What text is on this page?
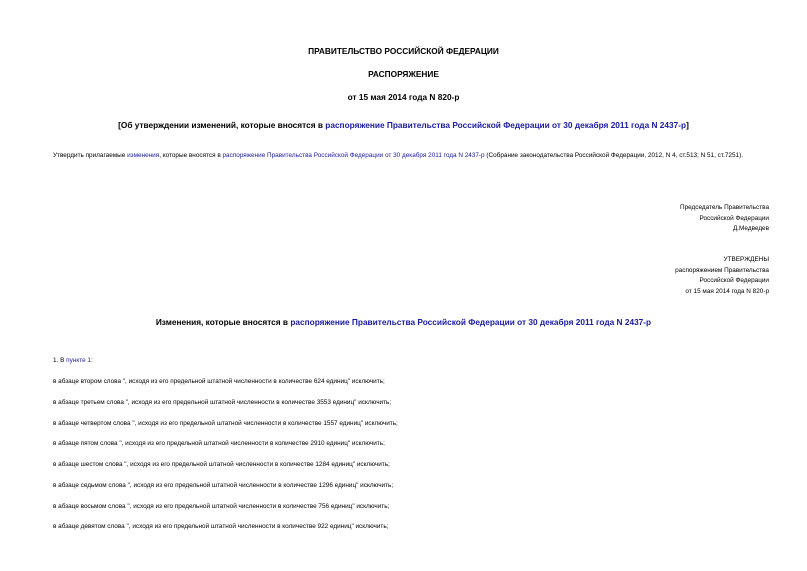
ПРАВИТЕЛЬСТВО РОССИЙСКОЙ ФЕДЕРАЦИИ
РАСПОРЯЖЕНИЕ
от 15 мая 2014 года N 820-р
[Об утверждении изменений, которые вносятся в распоряжение Правительства Российской Федерации от 30 декабря 2011 года N 2437-р]
Утвердить прилагаемые изменения, которые вносятся в распоряжение Правительства Российской Федерации от 30 декабря 2011 года N 2437-р (Собрание законодательства Российской Федерации, 2012, N 4, ст.513; N 51, ст.7251).
Председатель Правительства
Российской Федерации
Д.Медведев
УТВЕРЖДЕНЫ
распоряжением Правительства
Российской Федерации
от 15 мая 2014 года N 820-р
Изменения, которые вносятся в распоряжение Правительства Российской Федерации от 30 декабря 2011 года N 2437-р
1. В пункте 1:
в абзаце втором слова ", исходя из его предельной штатной численности в количестве 624 единиц" исключить;
в абзаце третьем слова ", исходя из его предельной штатной численности в количестве 3553 единиц" исключить;
в абзаце четвертом слова ", исходя из его предельной штатной численности в количестве 1557 единиц" исключить;
в абзаце пятом слова ", исходя из его предельной штатной численности в количестве 2910 единиц" исключить;
в абзаце шестом слова ", исходя из его предельной штатной численности в количестве 1284 единиц" исключить;
в абзаце седьмом слова ", исходя из его предельной штатной численности в количестве 1296 единиц" исключить;
в абзаце восьмом слова ", исходя из его предельной штатной численности в количестве 756 единиц" исключить;
в абзаце девятом слова ", исходя из его предельной штатной численности в количестве 922 единиц" исключить;
